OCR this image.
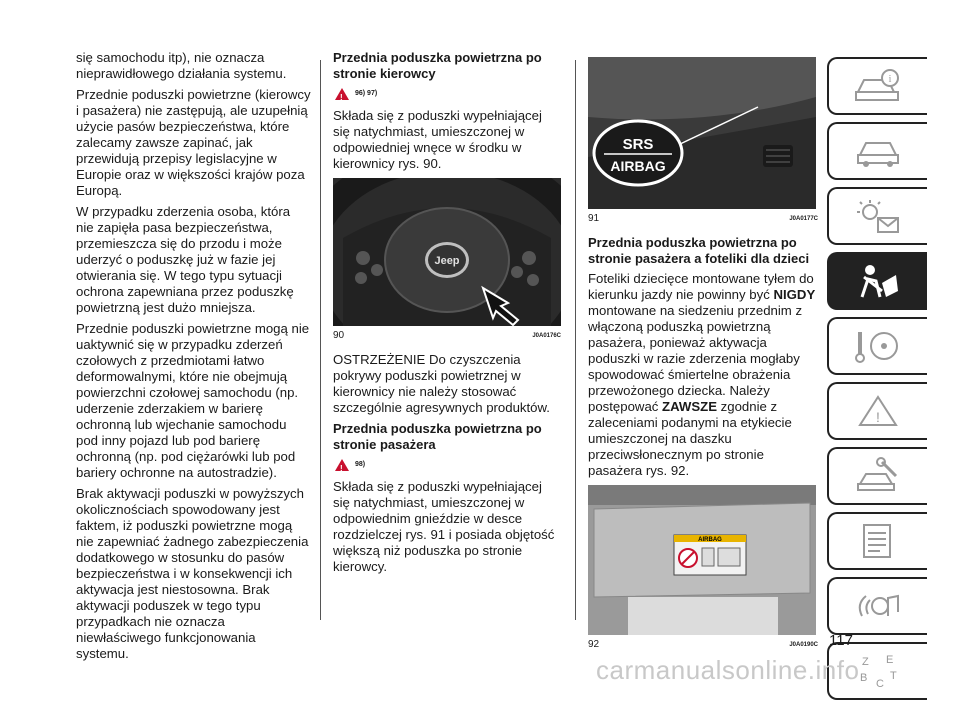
się samochodu itp), nie oznacza nieprawidłowego działania systemu.

Przednie poduszki powietrzne (kierowcy i pasażera) nie zastępują, ale uzupełnią użycie pasów bezpieczeństwa, które zalecamy zawsze zapinać, jak przewidują przepisy legislacyjne w Europie oraz w większości krajów poza Europą.

W przypadku zderzenia osoba, która nie zapięła pasa bezpieczeństwa, przemieszcza się do przodu i może uderzyć o poduszkę już w fazie jej otwierania się. W tego typu sytuacji ochrona zapewniana przez poduszkę powietrzną jest dużo mniejsza.

Przednie poduszki powietrzne mogą nie uaktywnić się w przypadku zderzeń czołowych z przedmiotami łatwo deformowalnymi, które nie obejmują powierzchni czołowej samochodu (np. uderzenie zderzakiem w barierę ochronną lub wjechanie samochodu pod inny pojazd lub pod barierę ochronną (np. pod ciężarówki lub pod bariery ochronne na autostradzie).

Brak aktywacji poduszki w powyższych okolicznościach spowodowany jest faktem, iż poduszki powietrzne mogą nie zapewniać żadnego zabezpieczenia dodatkowego w stosunku do pasów bezpieczeństwa i w konsekwencji ich aktywacja jest niestosowna. Brak aktywacji poduszek w tego typu przypadkach nie oznacza niewłaściwego funkcjonowania systemu.

Przednia poduszka powietrzna po stronie kierowcy
!
96) 97)

Składa się z poduszki wypełniającej się natychmiast, umieszczonej w odpowiedniej wnęce w środku w kierownicy rys. 90.

Jeep
90	J0A0176C

OSTRZEŻENIE Do czyszczenia pokrywy poduszki powietrznej w kierownicy nie należy stosować szczególnie agresywnych produktów.

Przednia poduszka powietrzna po stronie pasażera
!
98)

Składa się z poduszki wypełniającej się natychmiast, umieszczonej w odpowiednim gnieździe w desce rozdzielczej rys. 91 i posiada objętość większą niż poduszka po stronie kierowcy.

SRS
AIRBAG
91	J0A0177C
Przednia poduszka powietrzna po stronie pasażera a foteliki dla dzieci

Foteliki dziecięce montowane tyłem do kierunku jazdy nie powinny być NIGDY montowane na siedzeniu przednim z włączoną poduszką powietrzną pasażera, ponieważ aktywacja poduszki w razie zderzenia mogłaby spowodować śmiertelne obrażenia przewożonego dziecka. Należy postępować ZAWSZE zgodnie z zaleceniami podanymi na etykiecie umieszczonej na daszku przeciwsłonecznym po stronie pasażera rys. 92.

AIRBAG
92	J0A0190C
i
!
Z E
B C
T
117
carmanualsonline.info
